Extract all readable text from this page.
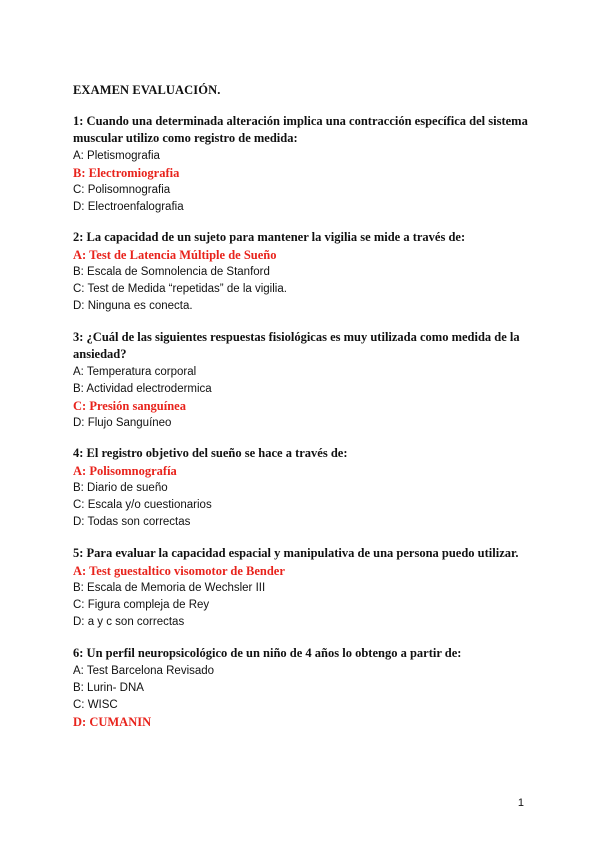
EXAMEN EVALUACIÓN.
1: Cuando una determinada alteración implica una contracción específica del sistema muscular utilizo como registro de medida:
A: Pletismografia
B: Electromiografia
C: Polisomnografia
D: Electroenfalografia
2: La capacidad de un sujeto para mantener la vigilia se mide a través de:
A: Test de Latencia Múltiple de Sueño
B: Escala de Somnolencia de Stanford
C: Test de Medida “repetidas” de la vigilia.
D: Ninguna es conecta.
3: ¿Cuál de las siguientes respuestas fisiológicas es muy utilizada como medida de la ansiedad?
A: Temperatura corporal
B: Actividad electrodermica
C: Presión sanguínea
D: Flujo Sanguíneo
4: El registro objetivo del sueño se hace a través de:
A: Polisomnografía
B: Diario de sueño
C: Escala y/o cuestionarios
D: Todas son correctas
5: Para evaluar la capacidad espacial y manipulativa de una persona puedo utilizar.
A: Test guestaltico visomotor de Bender
B: Escala de Memoria de Wechsler III
C: Figura compleja de Rey
D: a y c son correctas
6: Un perfil neuropsicológico de un niño de 4 años lo obtengo a partir de:
A: Test Barcelona Revisado
B: Lurin- DNA
C: WISC
D: CUMANIN
1
